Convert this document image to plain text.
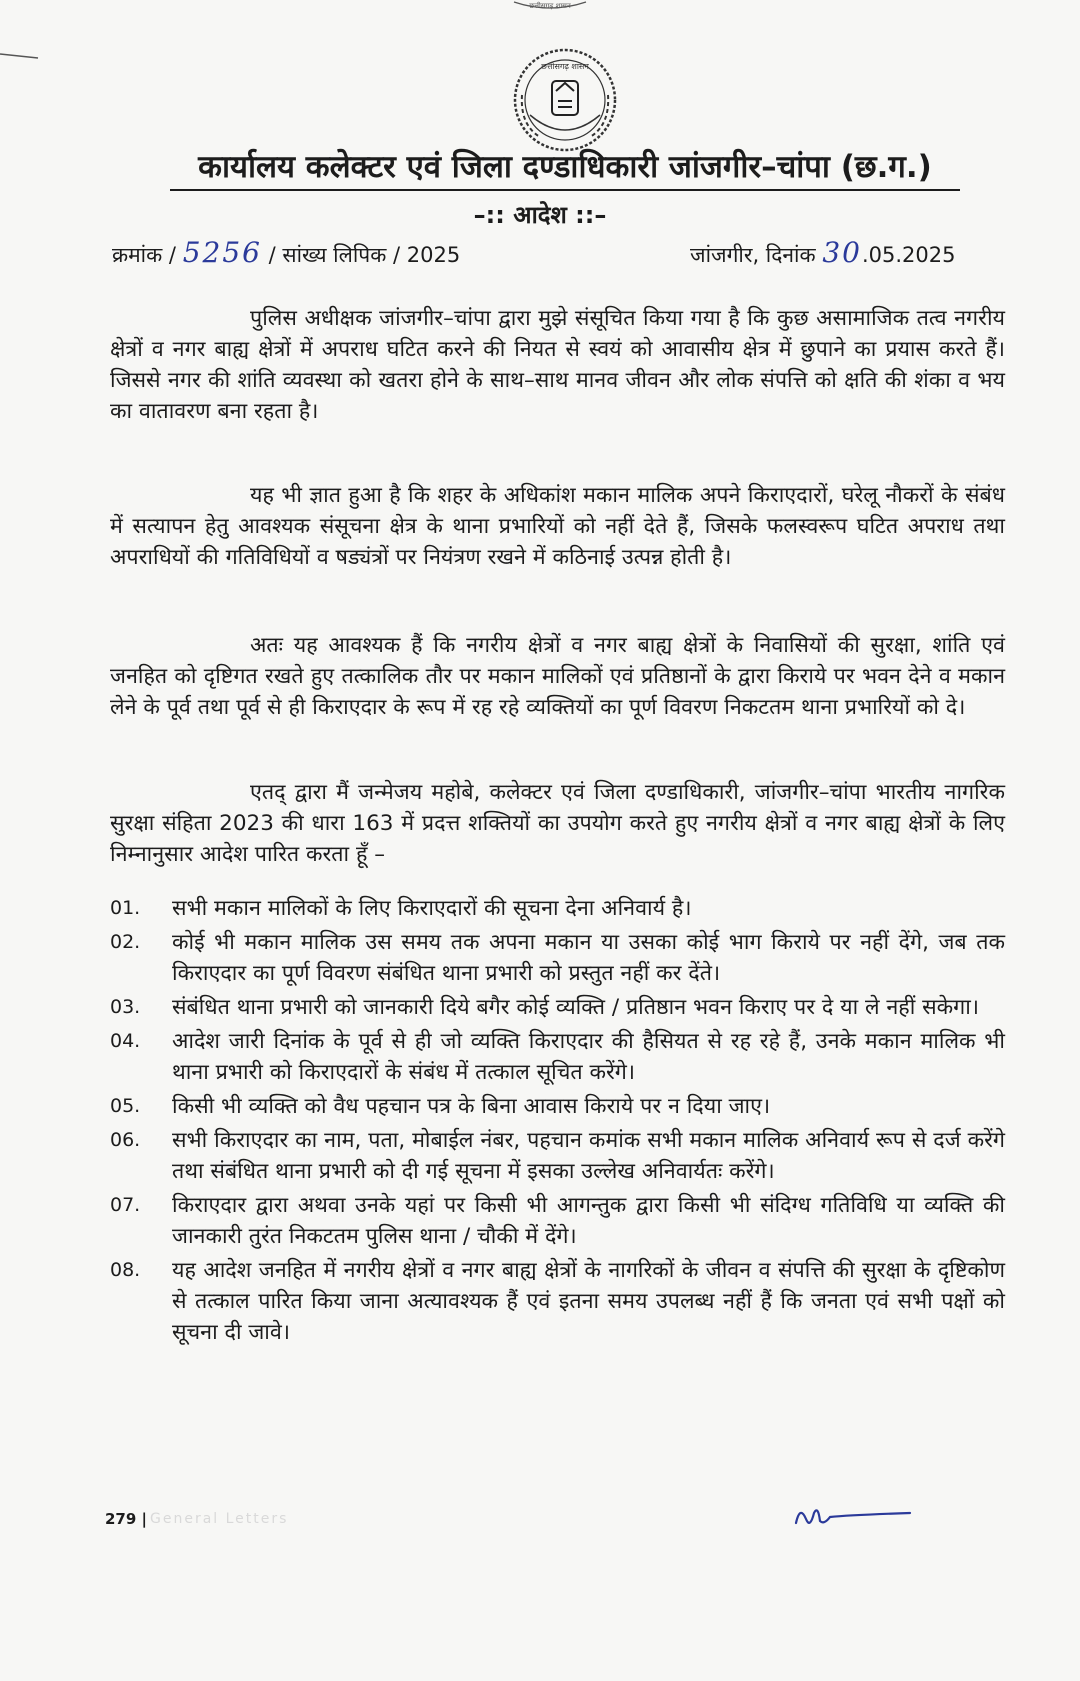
छत्तीसगढ़ शासन
छत्तीसगढ़ शासन
कार्यालय कलेक्टर एवं जिला दण्डाधिकारी जांजगीर–चांपा (छ.ग.)
–:: आदेश ::–
क्रमांक / 5256 / सांख्य लिपिक / 2025	जांजगीर, दिनांक 30.05.2025

पुलिस अधीक्षक जांजगीर–चांपा द्वारा मुझे संसूचित किया गया है कि कुछ असामाजिक तत्व नगरीय क्षेत्रों व नगर बाह्य क्षेत्रों में अपराध घटित करने की नियत से स्वयं को आवासीय क्षेत्र में छुपाने का प्रयास करते हैं। जिससे नगर की शांति व्यवस्था को खतरा होने के साथ–साथ मानव जीवन और लोक संपत्ति को क्षति की शंका व भय का वातावरण बना रहता है।

यह भी ज्ञात हुआ है कि शहर के अधिकांश मकान मालिक अपने किराएदारों, घरेलू नौकरों के संबंध में सत्यापन हेतु आवश्यक संसूचना क्षेत्र के थाना प्रभारियों को नहीं देते हैं, जिसके फलस्वरूप घटित अपराध तथा अपराधियों की गतिविधियों व षड्यंत्रों पर नियंत्रण रखने में कठिनाई उत्पन्न होती है।

अतः यह आवश्यक हैं कि नगरीय क्षेत्रों व नगर बाह्य क्षेत्रों के निवासियों की सुरक्षा, शांति एवं जनहित को दृष्टिगत रखते हुए तत्कालिक तौर पर मकान मालिकों एवं प्रतिष्ठानों के द्वारा किराये पर भवन देने व मकान लेने के पूर्व तथा पूर्व से ही किराएदार के रूप में रह रहे व्यक्तियों का पूर्ण विवरण निकटतम थाना प्रभारियों को दे।

एतद् द्वारा मैं जन्मेजय महोबे, कलेक्टर एवं जिला दण्डाधिकारी, जांजगीर–चांपा भारतीय नागरिक सुरक्षा संहिता 2023 की धारा 163 में प्रदत्त शक्तियों का उपयोग करते हुए नगरीय क्षेत्रों व नगर बाह्य क्षेत्रों के लिए निम्नानुसार आदेश पारित करता हूँ –

01.	सभी मकान मालिकों के लिए किराएदारों की सूचना देना अनिवार्य है।
02.	कोई भी मकान मालिक उस समय तक अपना मकान या उसका कोई भाग किराये पर नहीं देंगे, जब तक किराएदार का पूर्ण विवरण संबंधित थाना प्रभारी को प्रस्तुत नहीं कर देंते।
03.	संबंधित थाना प्रभारी को जानकारी दिये बगैर कोई व्यक्ति / प्रतिष्ठान भवन किराए पर दे या ले नहीं सकेगा।
04.	आदेश जारी दिनांक के पूर्व से ही जो व्यक्ति किराएदार की हैसियत से रह रहे हैं, उनके मकान मालिक भी थाना प्रभारी को किराएदारों के संबंध में तत्काल सूचित करेंगे।
05.	किसी भी व्यक्ति को वैध पहचान पत्र के बिना आवास किराये पर न दिया जाए।
06.	सभी किराएदार का नाम, पता, मोबाईल नंबर, पहचान कमांक सभी मकान मालिक अनिवार्य रूप से दर्ज करेंगे तथा संबंधित थाना प्रभारी को दी गई सूचना में इसका उल्लेख अनिवार्यतः करेंगे।
07.	किराएदार द्वारा अथवा उनके यहां पर किसी भी आगन्तुक द्वारा किसी भी संदिग्ध गतिविधि या व्यक्ति की जानकारी तुरंत निकटतम पुलिस थाना / चौकी में देंगे।
08.	यह आदेश जनहित में नगरीय क्षेत्रों व नगर बाह्य क्षेत्रों के नागरिकों के जीवन व संपत्ति की सुरक्षा के दृष्टिकोण से तत्काल पारित किया जाना अत्यावश्यक हैं एवं इतना समय उपलब्ध नहीं हैं कि जनता एवं सभी पक्षों को सूचना दी जावे।
279 | General Letters
